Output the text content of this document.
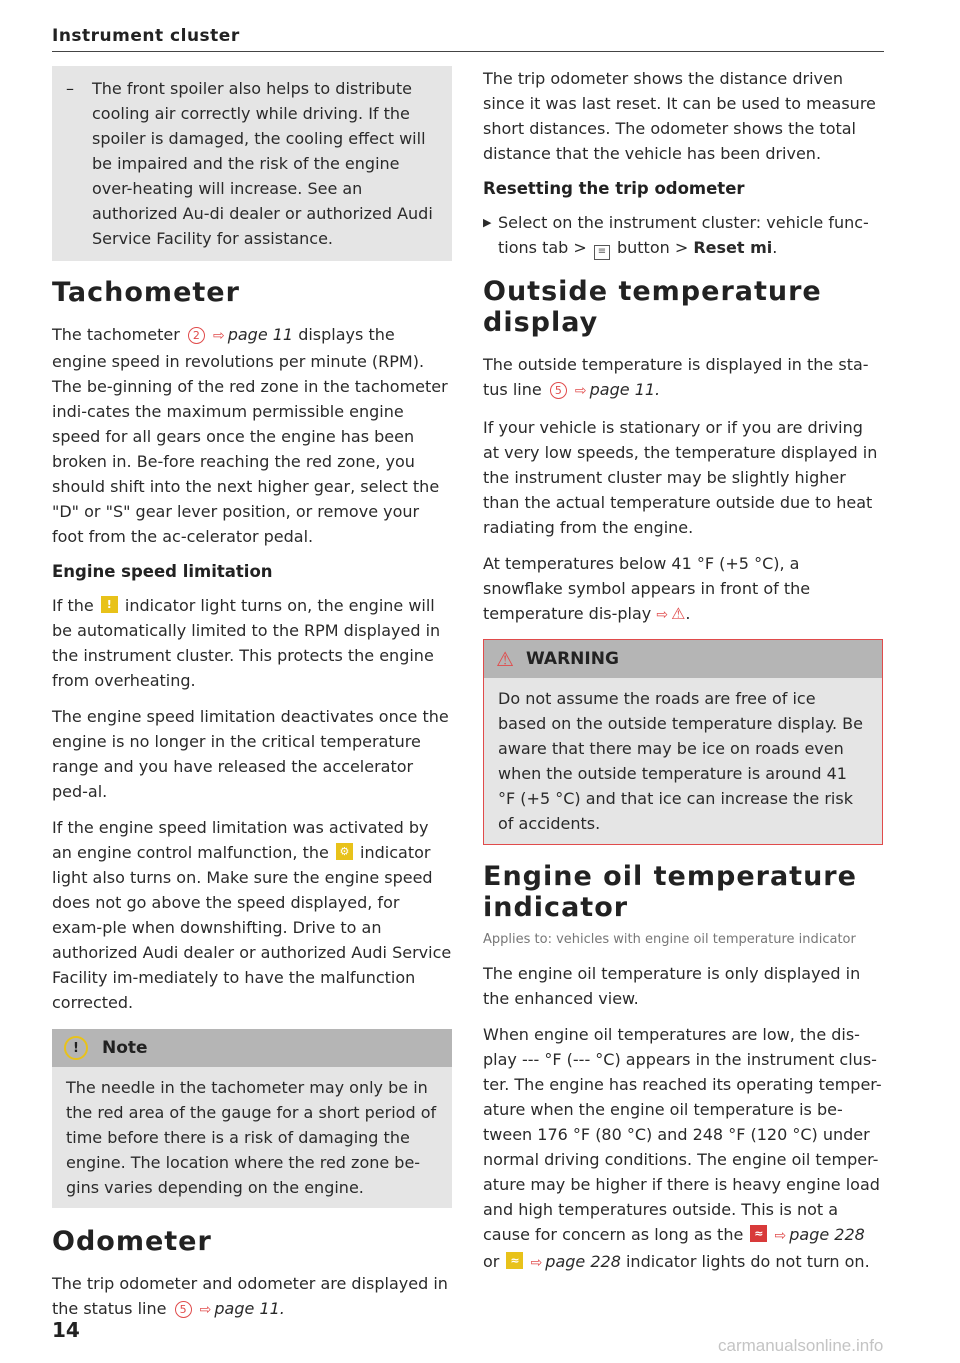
Instrument cluster
–	The front spoiler also helps to distribute cooling air correctly while driving. If the spoiler is damaged, the cooling effect will be impaired and the risk of the engine over-heating will increase. See an authorized Au-di dealer or authorized Audi Service Facility for assistance.

Tachometer

The tachometer 2 ⇨ page 11 displays the engine speed in revolutions per minute (RPM). The be-ginning of the red zone in the tachometer indi-cates the maximum permissible engine speed for all gears once the engine has been broken in. Be-fore reaching the red zone, you should shift into the next higher gear, select the "D" or "S" gear lever position, or remove your foot from the ac-celerator pedal.

Engine speed limitation

If the	! indicator light turns on, the engine will be automatically limited to the RPM displayed in the instrument cluster. This protects the engine from overheating.

The engine speed limitation deactivates once the engine is no longer in the critical temperature range and you have released the accelerator ped-al.

If the engine speed limitation was activated by an engine control malfunction, the ⚙ indicator light also turns on. Make sure the engine speed does not go above the speed displayed, for exam-ple when downshifting. Drive to an authorized Audi dealer or authorized Audi Service Facility im-mediately to have the malfunction corrected.

!	Note

The needle in the tachometer may only be in the red area of the gauge for a short period of time before there is a risk of damaging the engine. The location where the red zone be-gins varies depending on the engine.

Odometer

The trip odometer and odometer are displayed in the status line 5 ⇨ page 11.

The trip odometer shows the distance driven since it was last reset. It can be used to measure short distances. The odometer shows the total distance that the vehicle has been driven.

Resetting the trip odometer
▶ Select on the instrument cluster: vehicle func-tions tab > ≡ button > Reset mi.
Outside temperature display

The outside temperature is displayed in the sta-tus line 5 ⇨ page 11.

If your vehicle is stationary or if you are driving at very low speeds, the temperature displayed in the instrument cluster may be slightly higher than the actual temperature outside due to heat radiating from the engine.

At temperatures below 41 °F (+5 °C), a snowflake symbol appears in front of the temperature dis-play ⇨ ⚠.

⚠ WARNING

Do not assume the roads are free of ice based on the outside temperature display. Be aware that there may be ice on roads even when the outside temperature is around 41 °F (+5 °C) and that ice can increase the risk of accidents.

Engine oil temperature indicator
Applies to: vehicles with engine oil temperature indicator

The engine oil temperature is only displayed in the enhanced view.

When engine oil temperatures are low, the dis-play --- °F (--- °C) appears in the instrument clus-ter. The engine has reached its operating temper-ature when the engine oil temperature is be-tween 176 °F (80 °C) and 248 °F (120 °C) under normal driving conditions. The engine oil temper-ature may be higher if there is heavy engine load and high temperatures outside. This is not a cause for concern as long as the ≈ ⇨ page 228 or ≈ ⇨ page 228 indicator lights do not turn on.

14
carmanualsonline.info
